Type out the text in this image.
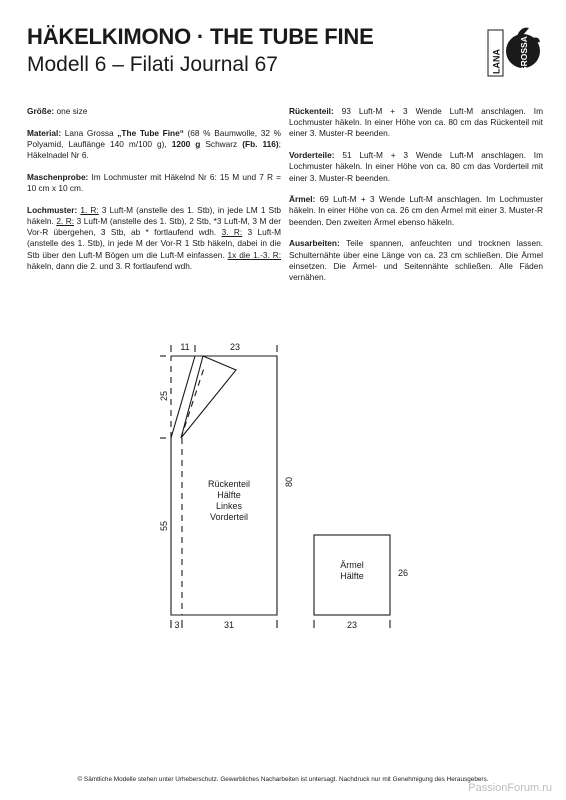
HÄKELKIMONO · THE TUBE FINE
Modell 6 – Filati Journal 67	LANA GROSSA

Größe: one size

Material: Lana Grossa „The Tube Fine“ (68 % Baumwolle, 32 % Polyamid, Lauflänge 140 m/100 g), 1200 g Schwarz (Fb. 116); Häkelnadel Nr 6.

Maschenprobe: Im Lochmuster mit Häkelnd Nr 6: 15 M und 7 R = 10 cm x 10 cm.

Lochmuster: 1. R: 3 Luft-M (anstelle des 1. Stb), in jede LM 1 Stb häkeln. 2. R: 3 Luft-M (anstelle des 1. Stb), 2 Stb, *3 Luft-M, 3 M der Vor-R übergehen, 3 Stb, ab * fortlaufend wdh. 3. R: 3 Luft-M (anstelle des 1. Stb), in jede M der Vor-R 1 Stb häkeln, dabei in die Stb über den Luft-M Bögen um die Luft-M einfassen. 1x die 1.-3. R: häkeln, dann die 2. und 3. R fortlaufend wdh.

Rückenteil: 93 Luft-M + 3 Wende Luft-M anschlagen. Im Lochmuster häkeln. In einer Höhe von ca. 80 cm das Rückenteil mit einer 3. Muster-R beenden.

Vorderteile: 51 Luft-M + 3 Wende Luft-M anschlagen. Im Lochmuster häkeln. In einer Höhe von ca. 80 cm das Vorderteil mit einer 3. Muster-R beenden.

Ärmel: 69 Luft-M + 3 Wende Luft-M anschlagen. Im Lochmuster häkeln. In einer Höhe von ca. 26 cm den Ärmel mit einer 3. Muster-R beenden. Den zweiten Ärmel ebenso häkeln.

Ausarbeiten: Teile spannen, anfeuchten und trocknen lassen. Schulternähte über eine Länge von ca. 23 cm schließen. Die Ärmel einsetzen. Die Ärmel- und Seitennähte schließen. Alle Fäden vernähen.

11	23
25
55
80
3	31	23
26
Rückenteil
Hälfte
Linkes
Vorderteil
Ärmel
Hälfte
© Sämtliche Modelle stehen unter Urheberschutz. Gewerbliches Nacharbeiten ist untersagt. Nachdruck nur mit Genehmigung des Herausgebers.
PassionForum.ru
